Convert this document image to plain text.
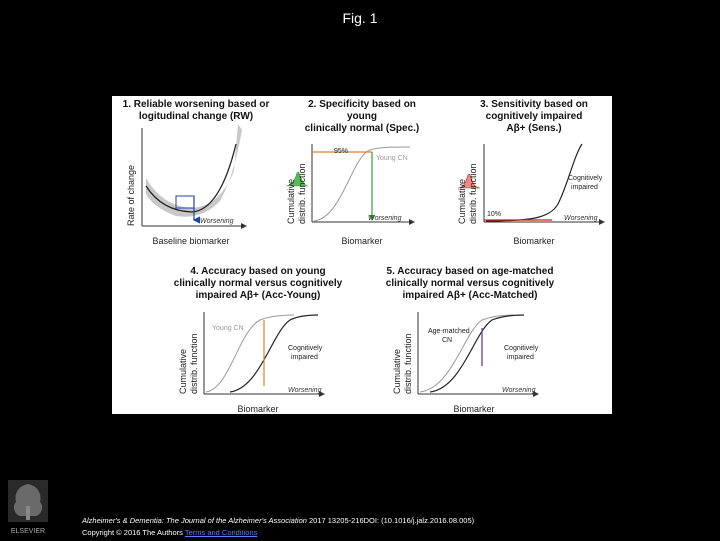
Fig. 1
1. Reliable worsening based or
logitudinal change (RW)
Worsening
Rate of change
Baseline biomarker
2. Specificity based on
young
clinically normal (Spec.)
95%
Young CN
Worsening
Cumulative distrib. function
Biomarker
3. Sensitivity based on
cognitively impaired
Aβ+ (Sens.)
10%
Cognitively
impaired
Worsening
Cumulative distrib. function
Biomarker
4. Accuracy based on young
clinically normal versus cognitively
impaired Aβ+ (Acc-Young)
Young CN
Cognitively
impaired
Worsening
Cumulative distrib. function
Biomarker
5. Accuracy based on age-matched
clinically normal versus cognitively
impaired Aβ+ (Acc-Matched)
Age-matched
CN
Cognitively
impaired
Worsening
Cumulative distrib. function
Biomarker
ELSEVIER
Alzheimer's & Dementia: The Journal of the Alzheimer's Association 2017 13205-216DOI: (10.1016/j.jalz.2016.08.005)
Copyright © 2016 The Authors Terms and Conditions
